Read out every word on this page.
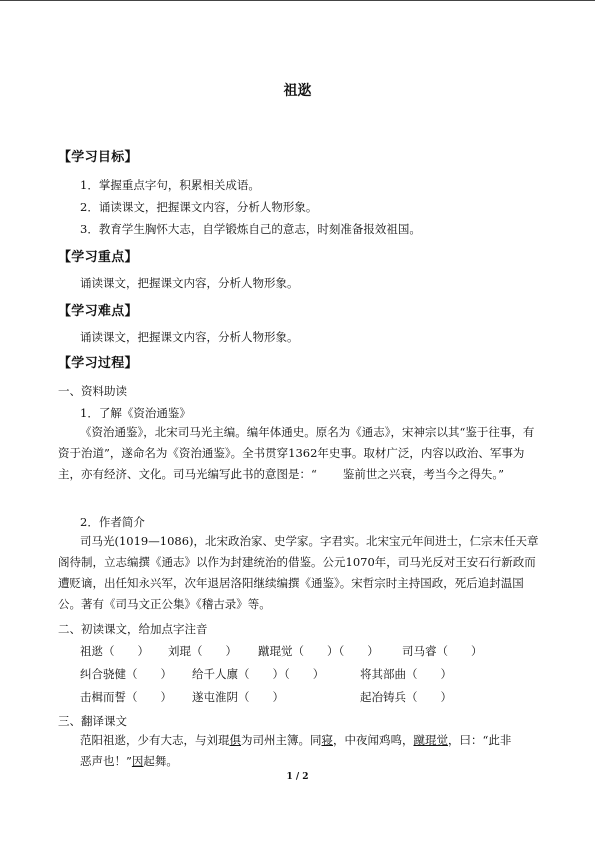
祖逖
【学习目标】
1．掌握重点字句，积累相关成语。
2．诵读课文，把握课文内容，分析人物形象。
3．教育学生胸怀大志，自学锻炼自己的意志，时刻准备报效祖国。
【学习重点】
诵读课文，把握课文内容，分析人物形象。
【学习难点】
诵读课文，把握课文内容，分析人物形象。
【学习过程】
一、资料助读
1．了解《资治通鉴》
《资治通鉴》，北宋司马光主编。编年体通史。原名为《通志》，宋神宗以其“鉴于往事，有资于治道”，遂命名为《资治通鉴》。全书贯穿1362年史事。取材广泛，内容以政治、军事为主，亦有经济、文化。司马光编写此书的意图是：“ 鉴前世之兴衰，考当今之得失。”
2．作者简介
司马光(1019—1086)，北宋政治家、史学家。字君实。北宋宝元年间进士，仁宗末任天章阁待制，立志编撰《通志》以作为封建统治的借鉴。公元1070年，司马光反对王安石行新政而遭贬谪，出任知永兴军，次年退居洛阳继续编撰《通鉴》。宋哲宗时主持国政，死后追封温国公。著有《司马文正公集》《稽古录》等。
二、初读课文，给加点字注音
祖逖（　　） 刘琨（　　） 蹴琨觉（　　）（　　） 司马睿（　　）
纠合骁健（　　） 给千人廪（　　）（　　）	将其部曲（　　）
击楫而誓（　　） 遂屯淮阴（　　）	起冶铸兵（　　）
三、翻译课文
范阳祖逖，少有大志，与刘琨俱为司州主簿。同寝，中夜闻鸡鸣，蹴琨觉，曰：“此非
恶声也！”因起舞。
1 / 2
